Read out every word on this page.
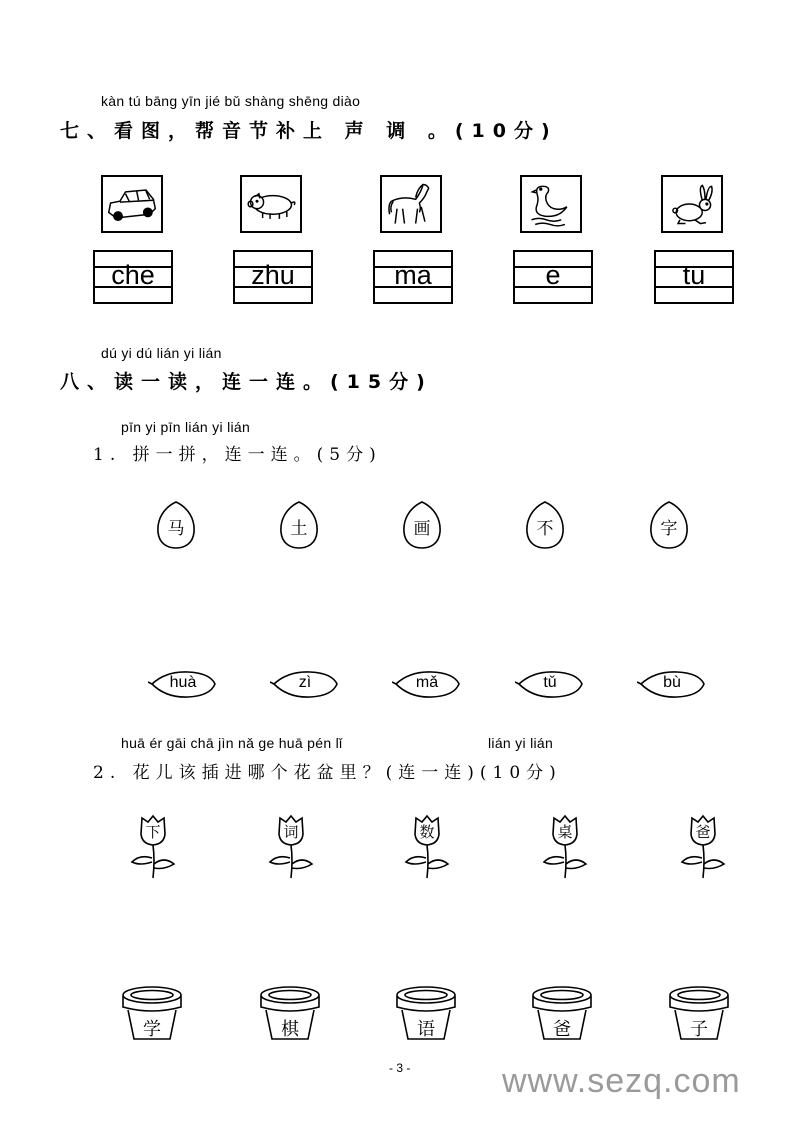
kàn tú bāng yīn jié bǔ shàng shēng diào
七、看图，帮音节补上 声 调 。(10分)
che	zhu	ma	e	tu
dú yi dú lián yi lián
八、读一读，连一连。(15分)
pīn yi pīn lián yi lián
1. 拼一拼，连一连。(5分)
马	土	画	不	字
huà	zì	mǎ	tǔ	bù
huā ér gāi chā jìn nǎ ge huā pén lǐ	lián yi lián
2. 花儿该插进哪个花盆里？(连一连)(10分)
下	词	数	桌	爸
学	棋	语	爸	子
- 3 -	www.sezq.com
